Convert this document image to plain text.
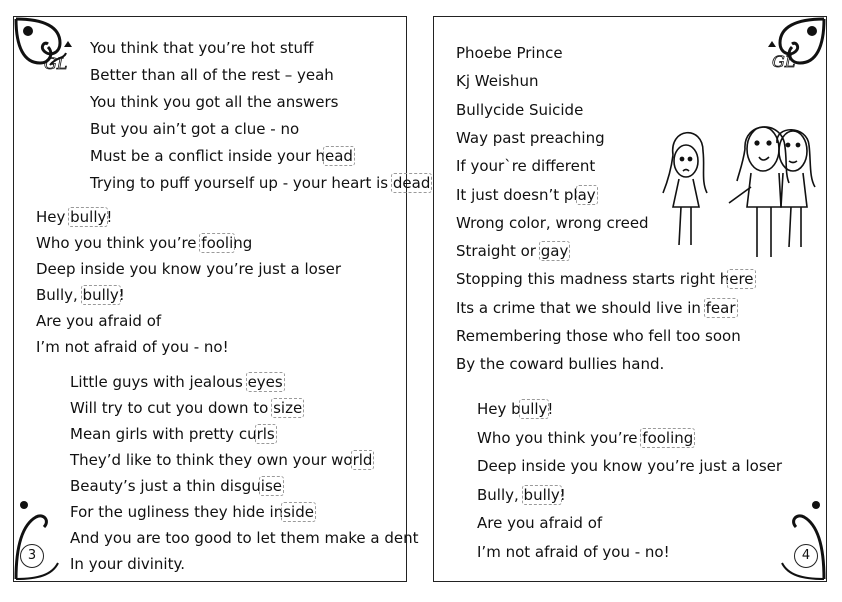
GL
3
You think that you’re hot stuff
Better than all of the rest – yeah
You think you got all the answers
But you ain’t got a clue - no
Must be a conflict inside your head
Trying to puff yourself up - your heart is dead
Hey bully!
Who you think you’re fooling
Deep inside you know you’re just a loser
Bully, bully!
Are you afraid of
I’m not afraid of you - no!
Little guys with jealous eyes
Will try to cut you down to size
Mean girls with pretty curls
They’d like to think they own your world
Beauty’s just a thin disguise
For the ugliness they hide inside
And you are too good to let them make a dent
In your divinity.
GL
4
Phoebe Prince
Kj Weishun
Bullycide Suicide
Way past preaching
If your`re different
It just doesn’t play
Wrong color, wrong creed
Straight or gay
Stopping this madness starts right here
Its a crime that we should live in fear
Remembering those who fell too soon
By the coward bullies hand.
Hey bully!
Who you think you’re fooling
Deep inside you know you’re just a loser
Bully, bully!
Are you afraid of
I’m not afraid of you - no!
